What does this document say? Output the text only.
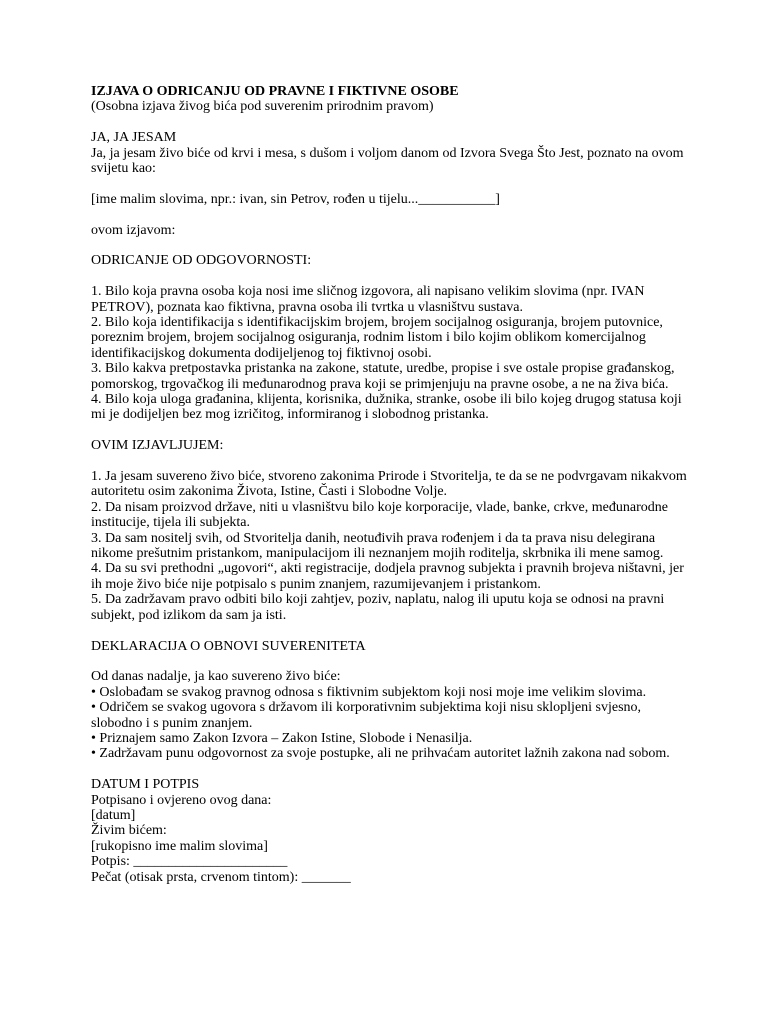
IZJAVA O ODRICANJU OD PRAVNE I FIKTIVNE OSOBE

(Osobna izjava živog bića pod suverenim prirodnim pravom)

JA, JA JESAM

Ja, ja jesam živo biće od krvi i mesa, s dušom i voljom danom od Izvora Svega Što Jest, poznato na ovom svijetu kao:

[ime malim slovima, npr.: ivan, sin Petrov, rođen u tijelu...___________]

ovom izjavom:

ODRICANJE OD ODGOVORNOSTI:

1. Bilo koja pravna osoba koja nosi ime sličnog izgovora, ali napisano velikim slovima (npr. IVAN PETROV), poznata kao fiktivna, pravna osoba ili tvrtka u vlasništvu sustava.

2. Bilo koja identifikacija s identifikacijskim brojem, brojem socijalnog osiguranja, brojem putovnice, poreznim brojem, brojem socijalnog osiguranja, rodnim listom i bilo kojim oblikom komercijalnog identifikacijskog dokumenta dodijeljenog toj fiktivnoj osobi.

3. Bilo kakva pretpostavka pristanka na zakone, statute, uredbe, propise i sve ostale propise građanskog, pomorskog, trgovačkog ili međunarodnog prava koji se primjenjuju na pravne osobe, a ne na živa bića.

4. Bilo koja uloga građanina, klijenta, korisnika, dužnika, stranke, osobe ili bilo kojeg drugog statusa koji mi je dodijeljen bez mog izričitog, informiranog i slobodnog pristanka.

OVIM IZJAVLJUJEM:

1. Ja jesam suvereno živo biće, stvoreno zakonima Prirode i Stvoritelja, te da se ne podvrgavam nikakvom autoritetu osim zakonima Života, Istine, Časti i Slobodne Volje.

2. Da nisam proizvod države, niti u vlasništvu bilo koje korporacije, vlade, banke, crkve, međunarodne institucije, tijela ili subjekta.

3. Da sam nositelj svih, od Stvoritelja danih, neotuđivih prava rođenjem i da ta prava nisu delegirana nikome prešutnim pristankom, manipulacijom ili neznanjem mojih roditelja, skrbnika ili mene samog.

4. Da su svi prethodni „ugovori“, akti registracije, dodjela pravnog subjekta i pravnih brojeva ništavni, jer ih moje živo biće nije potpisalo s punim znanjem, razumijevanjem i pristankom.

5. Da zadržavam pravo odbiti bilo koji zahtjev, poziv, naplatu, nalog ili uputu koja se odnosi na pravni subjekt, pod izlikom da sam ja isti.

DEKLARACIJA O OBNOVI SUVERENITETA

Od danas nadalje, ja kao suvereno živo biće:

• Oslobađam se svakog pravnog odnosa s fiktivnim subjektom koji nosi moje ime velikim slovima.

• Odričem se svakog ugovora s državom ili korporativnim subjektima koji nisu sklopljeni svjesno, slobodno i s punim znanjem.

• Priznajem samo Zakon Izvora – Zakon Istine, Slobode i Nenasilja.

• Zadržavam punu odgovornost za svoje postupke, ali ne prihvaćam autoritet lažnih zakona nad sobom.

DATUM I POTPIS

Potpisano i ovjereno ovog dana:

[datum]

Živim bićem:

[rukopisno ime malim slovima]

Potpis: ______________________

Pečat (otisak prsta, crvenom tintom): _______
